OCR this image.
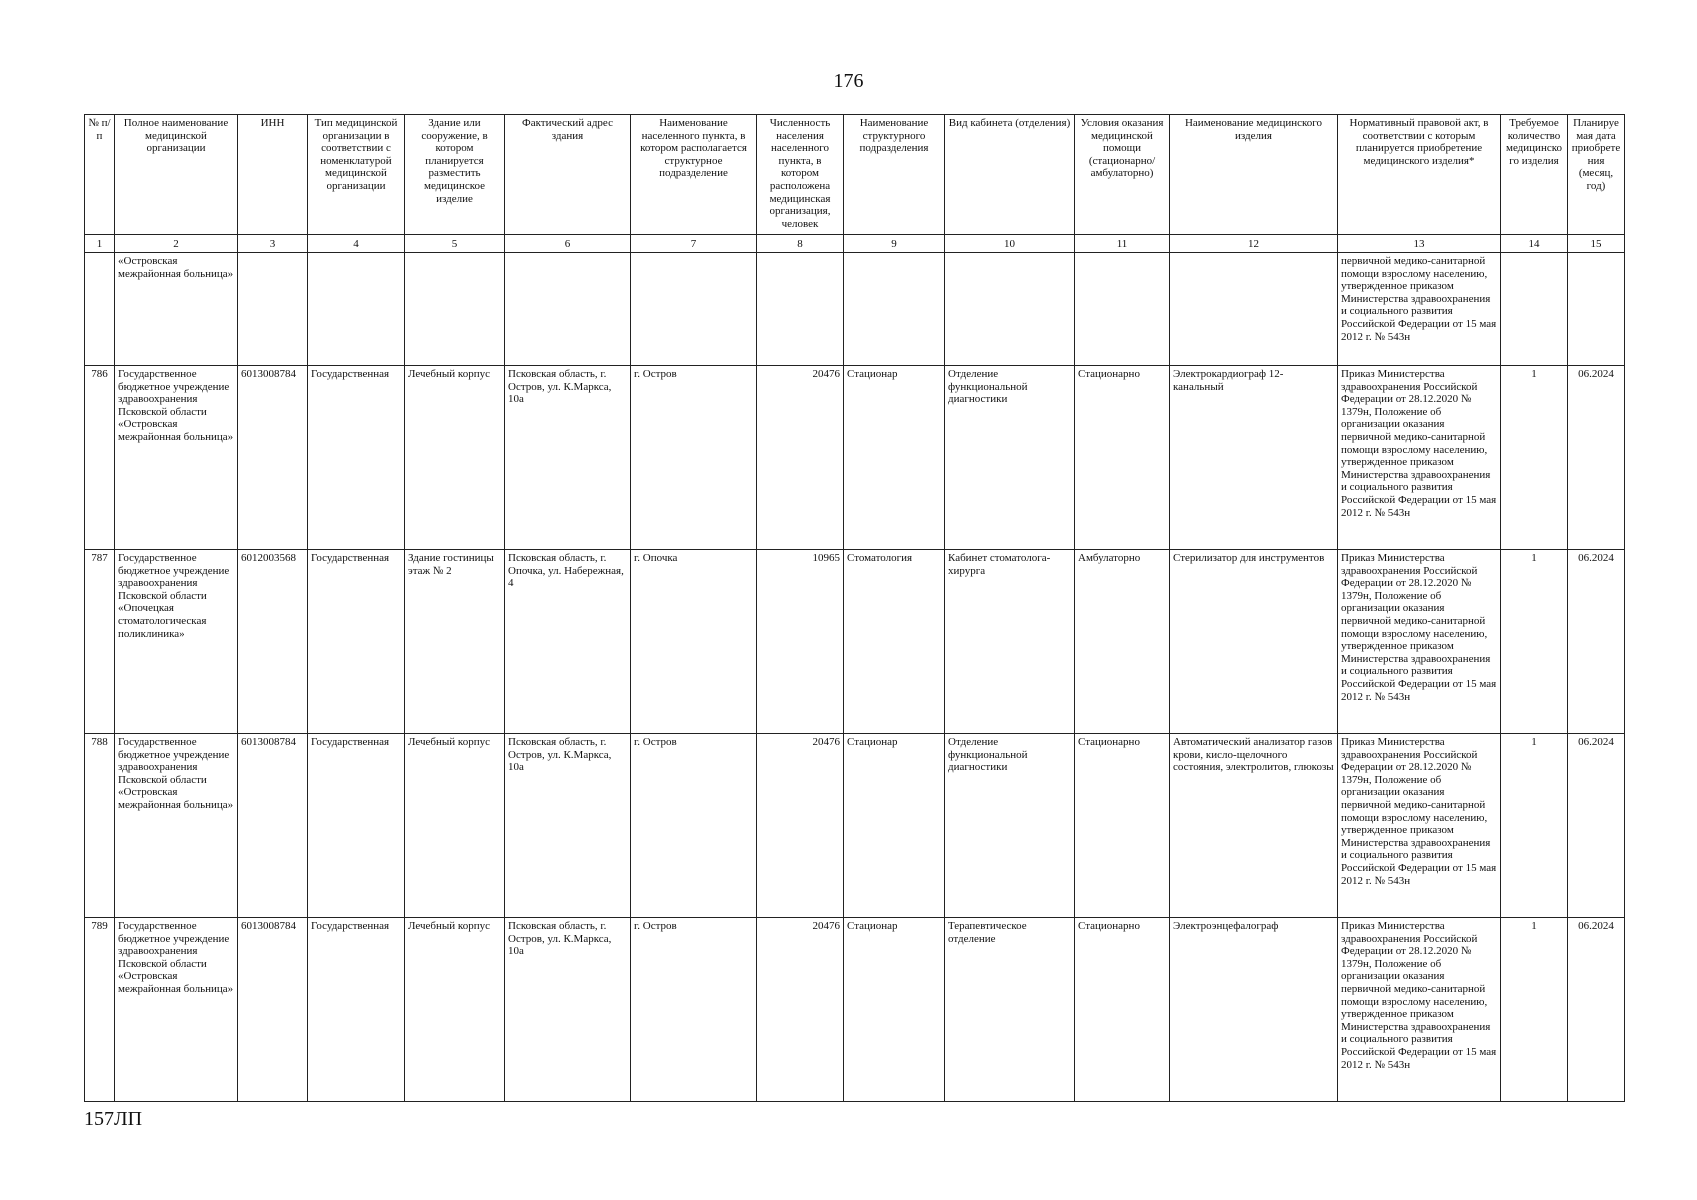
176
№ п/п	Полное наименование медицинской организации	ИНН	Тип медицинской организации в соответствии с номенклатурой медицинской организации	Здание или сооружение, в котором планируется разместить медицинское изделие	Фактический адрес здания	Наименование населенного пункта, в котором располагается структурное подразделение	Численность населения населенного пункта, в котором расположена медицинская организация, человек	Наименование структурного подразделения	Вид кабинета (отделения)	Условия оказания медицинской помощи (стационарно/ амбулаторно)	Наименование медицинского изделия	Нормативный правовой акт, в соответствии с которым планируется приобретение медицинского изделия*	Требуемое количество медицинского изделия	Планируемая дата приобретения (месяц, год)
1	2	3	4	5	6	7	8	9	10	11	12	13	14	15
	«Островская межрайонная больница»											первичной медико-санитарной помощи взрослому населению, утвержденное приказом Министерства здравоохранения и социального развития Российской Федерации от 15 мая 2012 г. № 543н		
786	Государственное бюджетное учреждение здравоохранения Псковской области «Островская межрайонная больница»	6013008784	Государственная	Лечебный корпус	Псковская область, г. Остров, ул. К.Маркса, 10а	г. Остров	20476	Стационар	Отделение функциональной диагностики	Стационарно	Электрокардиограф 12-канальный	Приказ Министерства здравоохранения Российской Федерации от 28.12.2020 № 1379н, Положение об организации оказания первичной медико-санитарной помощи взрослому населению, утвержденное приказом Министерства здравоохранения и социального развития Российской Федерации от 15 мая 2012 г. № 543н	1	06.2024
787	Государственное бюджетное учреждение здравоохранения Псковской области «Опочецкая стоматологическая поликлиника»	6012003568	Государственная	Здание гостиницы этаж № 2	Псковская область, г. Опочка, ул. Набережная, 4	г. Опочка	10965	Стоматология	Кабинет стоматолога-хирурга	Амбулаторно	Стерилизатор для инструментов	Приказ Министерства здравоохранения Российской Федерации от 28.12.2020 № 1379н, Положение об организации оказания первичной медико-санитарной помощи взрослому населению, утвержденное приказом Министерства здравоохранения и социального развития Российской Федерации от 15 мая 2012 г. № 543н	1	06.2024
788	Государственное бюджетное учреждение здравоохранения Псковской области «Островская межрайонная больница»	6013008784	Государственная	Лечебный корпус	Псковская область, г. Остров, ул. К.Маркса, 10а	г. Остров	20476	Стационар	Отделение функциональной диагностики	Стационарно	Автоматический анализатор газов крови, кисло-щелочного состояния, электролитов, глюкозы	Приказ Министерства здравоохранения Российской Федерации от 28.12.2020 № 1379н, Положение об организации оказания первичной медико-санитарной помощи взрослому населению, утвержденное приказом Министерства здравоохранения и социального развития Российской Федерации от 15 мая 2012 г. № 543н	1	06.2024
789	Государственное бюджетное учреждение здравоохранения Псковской области «Островская межрайонная больница»	6013008784	Государственная	Лечебный корпус	Псковская область, г. Остров, ул. К.Маркса, 10а	г. Остров	20476	Стационар	Терапевтическое отделение	Стационарно	Электроэнцефалограф	Приказ Министерства здравоохранения Российской Федерации от 28.12.2020 № 1379н, Положение об организации оказания первичной медико-санитарной помощи взрослому населению, утвержденное приказом Министерства здравоохранения и социального развития Российской Федерации от 15 мая 2012 г. № 543н	1	06.2024
157ЛП
